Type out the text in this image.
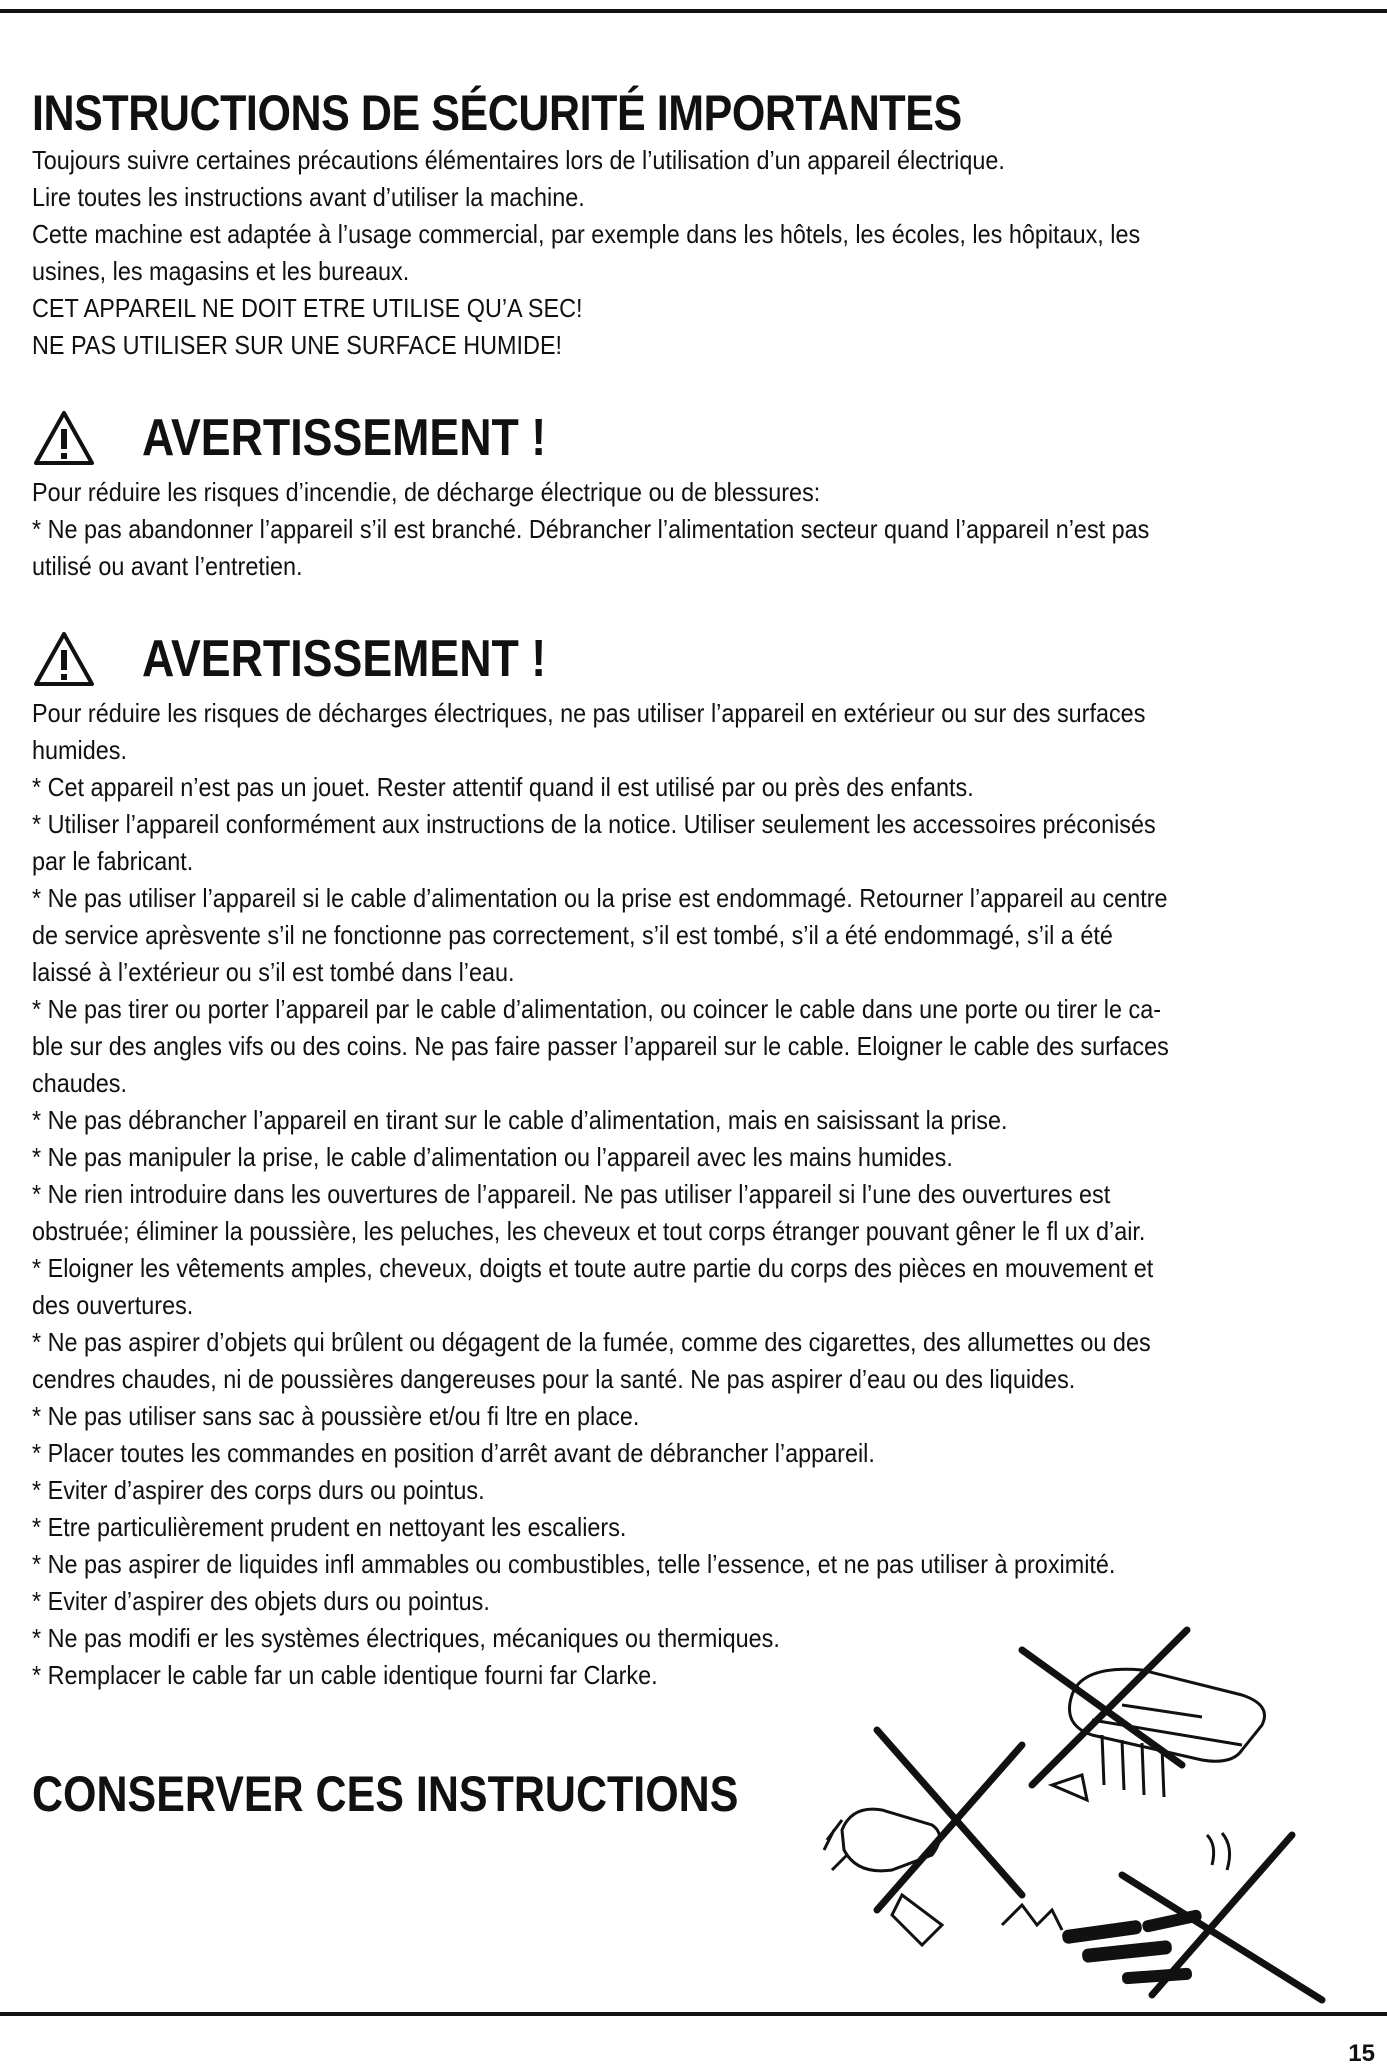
INSTRUCTIONS DE SÉCURITÉ IMPORTANTES

Toujours suivre certaines précautions élémentaires lors de l’utilisation d’un appareil électrique.

Lire toutes les instructions avant d’utiliser la machine.

Cette machine est adaptée à l’usage commercial, par exemple dans les hôtels, les écoles, les hôpitaux, les

usines, les magasins et les bureaux.

CET APPAREIL NE DOIT ETRE UTILISE QU’A SEC!

NE PAS UTILISER SUR UNE SURFACE HUMIDE!

AVERTISSEMENT !

Pour réduire les risques d’incendie, de décharge électrique ou de blessures:

* Ne pas abandonner l’appareil s’il est branché. Débrancher l’alimentation secteur quand l’appareil n’est pas

utilisé ou avant l’entretien.

AVERTISSEMENT !

Pour réduire les risques de décharges électriques, ne pas utiliser l’appareil en extérieur ou sur des surfaces

humides.

* Cet appareil n’est pas un jouet. Rester attentif quand il est utilisé par ou près des enfants.

* Utiliser l’appareil conformément aux instructions de la notice. Utiliser seulement les accessoires préconisés

par le fabricant.

* Ne pas utiliser l’appareil si le cable d’alimentation ou la prise est endommagé. Retourner l’appareil au centre

de service aprèsvente s’il ne fonctionne pas correctement, s’il est tombé, s’il a été endommagé, s’il a été

laissé à l’extérieur ou s’il est tombé dans l’eau.

* Ne pas tirer ou porter l’appareil par le cable d’alimentation, ou coincer le cable dans une porte ou tirer le ca-

ble sur des angles vifs ou des coins. Ne pas faire passer l’appareil sur le cable. Eloigner le cable des surfaces

chaudes.

* Ne pas débrancher l’appareil en tirant sur le cable d’alimentation, mais en saisissant la prise.

* Ne pas manipuler la prise, le cable d’alimentation ou l’appareil avec les mains humides.

* Ne rien introduire dans les ouvertures de l’appareil. Ne pas utiliser l’appareil si l’une des ouvertures est

obstruée; éliminer la poussière, les peluches, les cheveux et tout corps étranger pouvant gêner le fl ux d’air.

* Eloigner les vêtements amples, cheveux, doigts et toute autre partie du corps des pièces en mouvement et

des ouvertures.

* Ne pas aspirer d’objets qui brûlent ou dégagent de la fumée, comme des cigarettes, des allumettes ou des

cendres chaudes, ni de poussières dangereuses pour la santé. Ne pas aspirer d’eau ou des liquides.

* Ne pas utiliser sans sac à poussière et/ou fi ltre en place.

* Placer toutes les commandes en position d’arrêt avant de débrancher l’appareil.

* Eviter d’aspirer des corps durs ou pointus.

* Etre particulièrement prudent en nettoyant les escaliers.

* Ne pas aspirer de liquides infl ammables ou combustibles, telle l’essence, et ne pas utiliser à proximité.

* Eviter d’aspirer des objets durs ou pointus.

* Ne pas modifi er les systèmes électriques, mécaniques ou thermiques.

* Remplacer le cable far un cable identique fourni far Clarke.

CONSERVER CES INSTRUCTIONS
15
